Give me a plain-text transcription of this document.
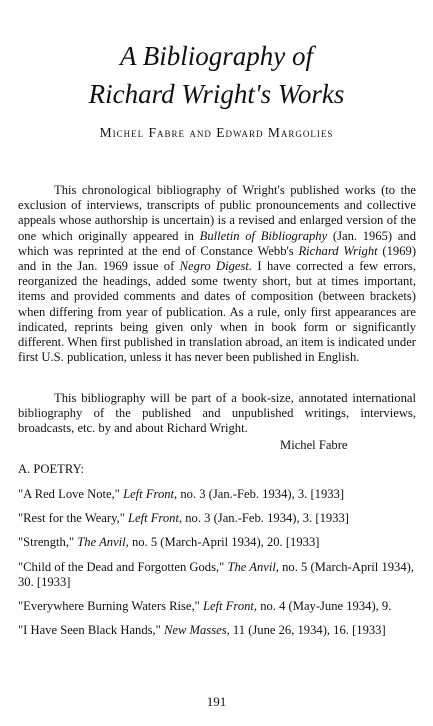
A Bibliography of
Richard Wright's Works
Michel Fabre and Edward Margolies
This chronological bibliography of Wright's published works (to the exclusion of interviews, transcripts of public pronouncements and collective appeals whose authorship is uncertain) is a revised and enlarged version of the one which originally appeared in Bulletin of Bibliography (Jan. 1965) and which was reprinted at the end of Constance Webb's Richard Wright (1969) and in the Jan. 1969 issue of Negro Digest. I have corrected a few errors, reorganized the headings, added some twenty short, but at times important, items and provided comments and dates of composition (between brackets) when differing from year of publication. As a rule, only first appearances are indicated, reprints being given only when in book form or significantly different. When first published in translation abroad, an item is indicated under first U.S. publication, unless it has never been published in English.
This bibliography will be part of a book-size, annotated international bibliography of the published and unpublished writings, interviews, broadcasts, etc. by and about Richard Wright.
Michel Fabre
A. POETRY:
"A Red Love Note," Left Front, no. 3 (Jan.-Feb. 1934), 3. [1933]
"Rest for the Weary," Left Front, no. 3 (Jan.-Feb. 1934), 3. [1933]
"Strength," The Anvil, no. 5 (March-April 1934), 20. [1933]
"Child of the Dead and Forgotten Gods," The Anvil, no. 5 (March-April 1934), 30. [1933]
"Everywhere Burning Waters Rise," Left Front, no. 4 (May-June 1934), 9.
"I Have Seen Black Hands," New Masses, 11 (June 26, 1934), 16. [1933]
191
